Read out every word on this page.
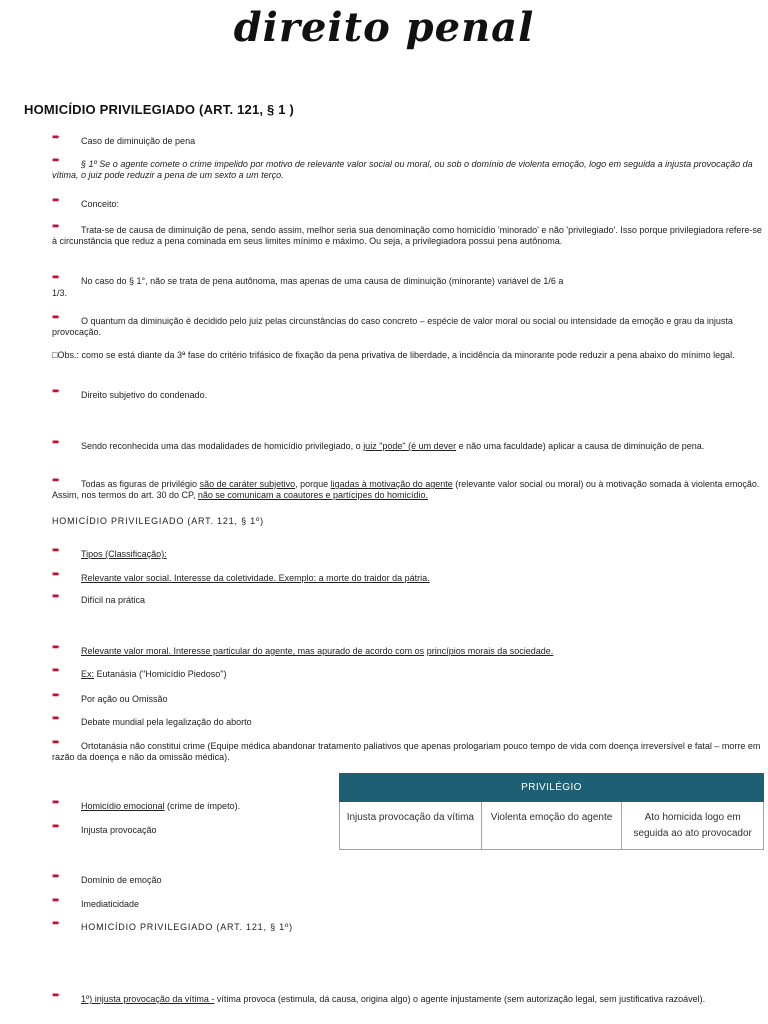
direito penal
HOMICÍDIO PRIVILEGIADO (ART. 121, § 1 )
➨	Caso de diminuição de pena
➨	§ 1º Se o agente comete o crime impelido por motivo de relevante valor social ou moral, ou sob o domínio de violenta emoção, logo em seguida a injusta provocação da vítima, o juiz pode reduzir a pena de um sexto a um terço.
➨	Conceito:
➨	Trata-se de causa de diminuição de pena, sendo assim, melhor seria sua denominação como homicídio 'minorado' e não 'privilegiado'. Isso porque privilegiadora refere-se à circunstância que reduz a pena cominada em seus limites mínimo e máximo. Ou seja, a privilegiadora possui pena autônoma.
➨	No caso do § 1°, não se trata de pena autônoma, mas apenas de uma causa de diminuição (minorante) variável de 1/6 a
1/3.
➨	O quantum da diminuição é decidido pelo juiz pelas circunstâncias do caso concreto – espécie de valor moral ou social ou intensidade da emoção e grau da injusta provocação.
□Obs.: como se está diante da 3ª fase do critério trifásico de fixação da pena privativa de liberdade, a incidência da minorante pode reduzir a pena abaixo do mínimo legal.
➨	Direito subjetivo do condenado.
➨	Sendo reconhecida uma das modalidades de homicídio privilegiado, o juiz "pode" (é um dever e não uma faculdade) aplicar a causa de diminuição de pena.
➨	Todas as figuras de privilégio são de caráter subjetivo, porque ligadas à motivação do agente (relevante valor social ou moral) ou à motivação somada à violenta emoção. Assim, nos termos do art. 30 do CP, não se comunicam a coautores e partícipes do homicídio.
HOMICÍDIO PRIVILEGIADO (ART. 121, § 1º)
➨	Tipos (Classificação):
➨	Relevante valor social. Interesse da coletividade. Exemplo: a morte do traidor da pátria.
➨	Difícil na prática
➨	Relevante valor moral. Interesse particular do agente, mas apurado de acordo com os princípios morais da sociedade.
➨	Ex: Eutanásia ("Homicídio Piedoso")
➨	Por ação ou Omissão
➨	Debate mundial pela legalização do aborto
➨	Ortotanásia não constitui crime (Equipe médica abandonar tratamento paliativos que apenas prologariam pouco tempo de vida com doença irreversível e fatal – morre em razão da doença e não da omissão médica).
➨	Homicídio emocional (crime de ímpeto).
➨	Injusta provocação
➨	Domínio de emoção
➨	Imediaticidade
➨	HOMICÍDIO PRIVILEGIADO (ART. 121, § 1º)
➨	1º) injusta provocação da vítima - vítima provoca (estimula, dá causa, origina algo) o agente injustamente (sem autorização legal, sem justificativa razoável).
PRIVILÉGIO
Injusta provocação da vítima	Violenta emoção do agente	Ato homicida logo em seguida ao ato provocador
